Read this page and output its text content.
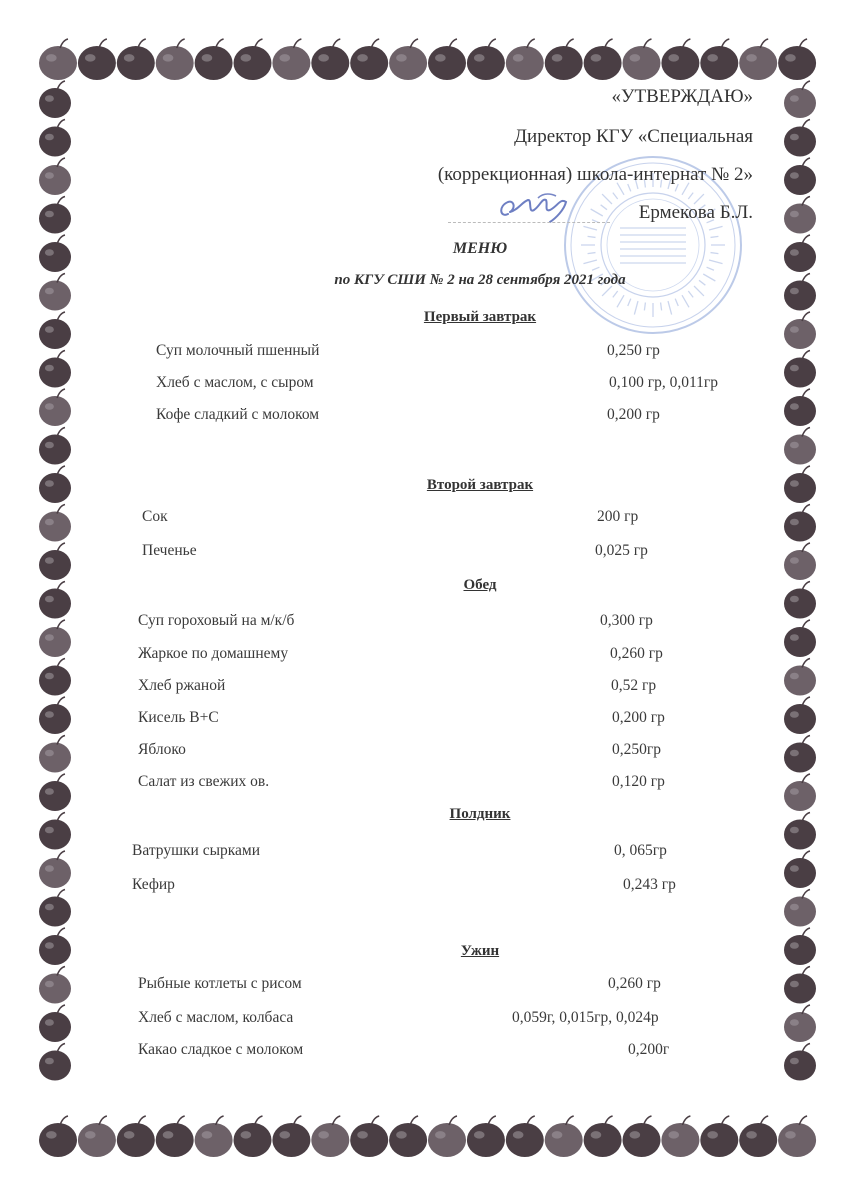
«УТВЕРЖДАЮ»
Директор КГУ «Специальная
(коррекционная) школа-интернат № 2»
Ермекова Б.Л.
МЕНЮ
по КГУ СШИ № 2 на 28 сентября 2021 года
Первый завтрак
Суп молочный пшенный	0,250 гр
Хлеб с маслом, с сыром	0,100 гр, 0,011гр
Кофе сладкий с молоком	0,200 гр
Второй завтрак
Сок	200 гр
Печенье	0,025 гр
Обед
Суп гороховый на м/к/б	0,300 гр
Жаркое по домашнему	0,260 гр
Хлеб ржаной	0,52 гр
Кисель В+С	0,200 гр
Яблоко	0,250гр
Салат из свежих ов.	0,120 гр
Полдник
Ватрушки сырками	0, 065гр
Кефир	0,243 гр
Ужин
Рыбные котлеты с рисом	0,260 гр
Хлеб с маслом, колбаса	0,059г, 0,015гр, 0,024р
Какао сладкое с молоком	0,200г
